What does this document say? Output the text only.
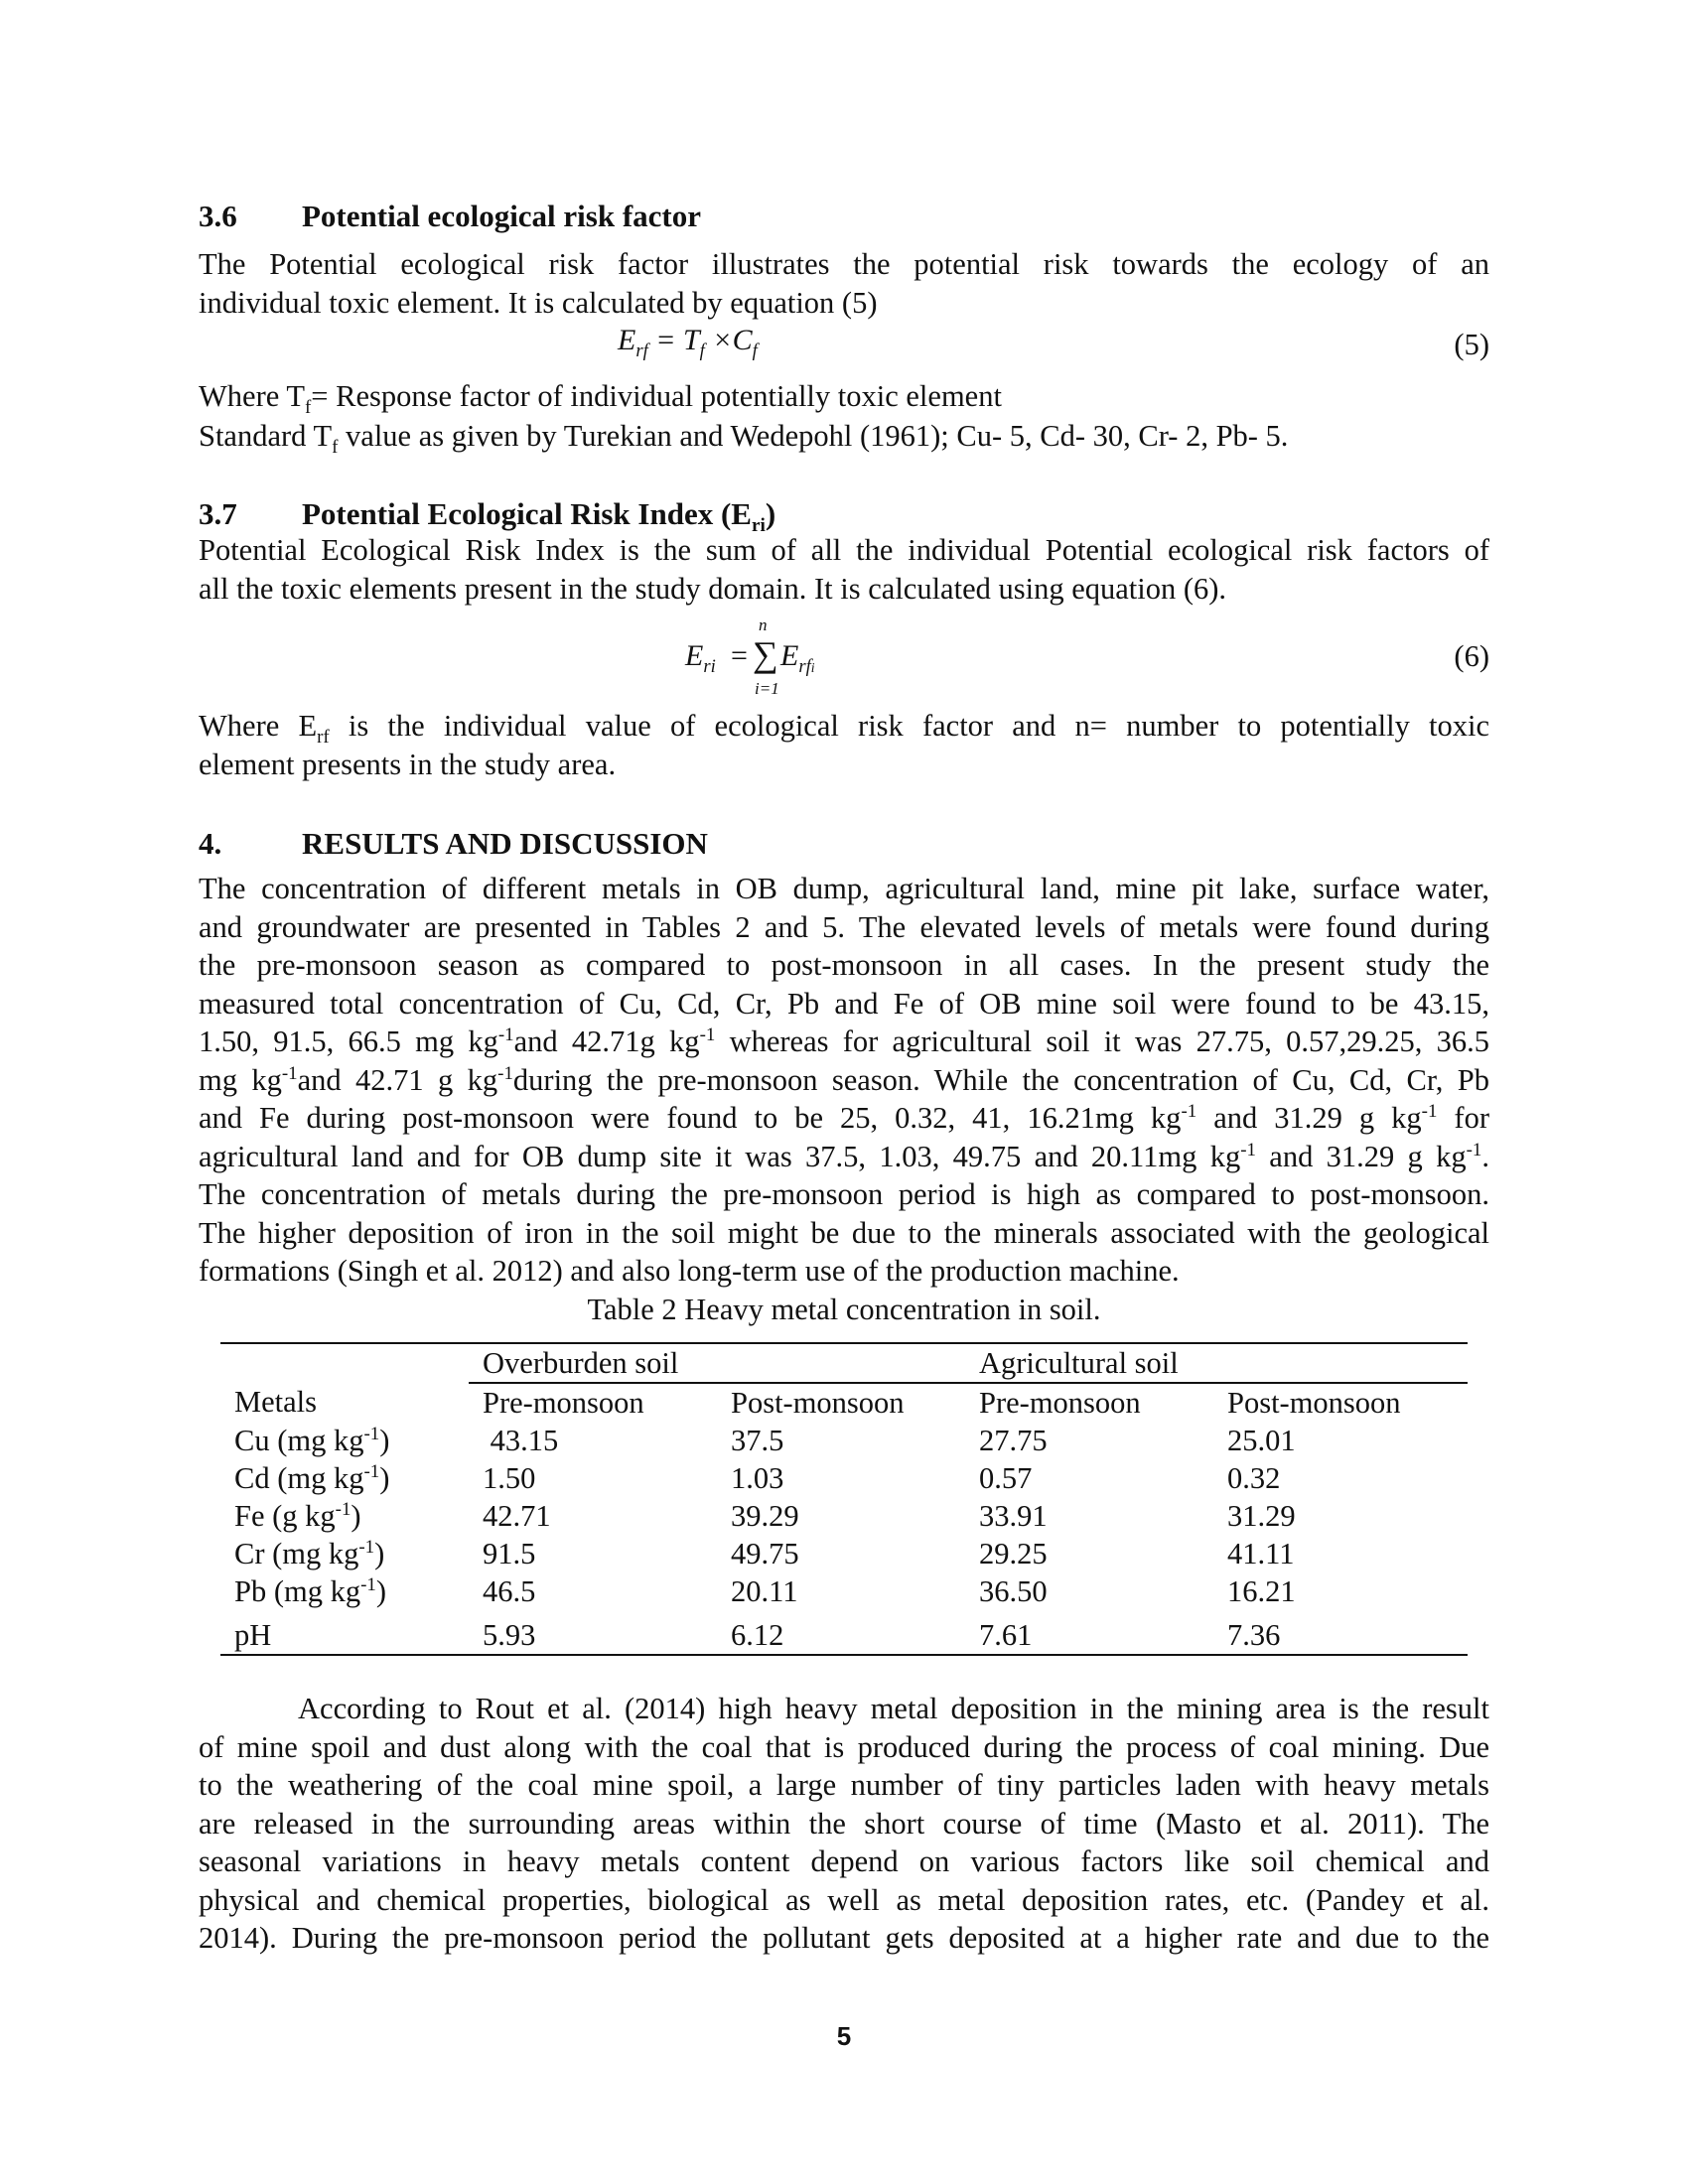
3.6 Potential ecological risk factor
The Potential ecological risk factor illustrates the potential risk towards the ecology of an
individual toxic element. It is calculated by equation (5)
$E_{rf} = T_f \times C_f$	(5)
Where $T_f=$ Response factor of individual potentially toxic element
Standard $T_f$ value as given by Turekian and Wedepohl (1961); Cu- 5, Cd- 30, Cr- 2, Pb- 5.
3.7 Potential Ecological Risk Index $(E_{ri})$
Potential Ecological Risk Index is the sum of all the individual Potential ecological risk factors of
all the toxic elements present in the study domain. It is calculated using equation (6).
n
$E_{ri}$ = ∑ $E_{rfi}$
i=1
(6)
Where $E_{rf}$ is the individual value of ecological risk factor and n= number to potentially toxic
element presents in the study area.
4.	RESULTS AND DISCUSSION
The concentration of different metals in OB dump, agricultural land, mine pit lake, surface water,
and groundwater are presented in Tables 2 and 5. The elevated levels of metals were found during
the pre-monsoon season as compared to post-monsoon in all cases. In the present study the
measured total concentration of Cu, Cd, Cr, Pb and Fe of OB mine soil were found to be 43.15,
1.50, 91.5, 66.5 mg $kg^{-1}and$ 42.71g $kg^{-1}$ whereas for agricultural soil it was 27.75, 0.57,29.25, 36.5
mg $kg^{-1}and$ 42.71 g $kg^{-1}during$ the pre-monsoon season. While the concentration of Cu, Cd, Cr, Pb
and Fe during post-monsoon were found to be 25, 0.32, 41, 16.21mg $kg^{-1}$ and 31.29 g $kg^{-1}$ for
agricultural land and for OB dump site it was 37.5, 1.03, 49.75 and 20.11mg $kg^{-1}$ and 31.29 g $kg^{-1}$.
The concentration of metals during the pre-monsoon period is high as compared to post-monsoon.
The higher deposition of iron in the soil might be due to the minerals associated with the geological
formations (Singh et al. 2012) and also long-term use of the production machine.
Table 2 Heavy metal concentration in soil.
	Overburden soil		Agricultural soil	
Metals	Pre-monsoon	Post-monsoon	Pre-monsoon	Post-monsoon
Cu (mg $kg^{-1}$)	43.15	37.5	27.75	25.01
Cd (mg $kg^{-1}$)	1.50	1.03	0.57	0.32
Fe (g $kg^{-1}$)	42.71	39.29	33.91	31.29
Cr (mg $kg^{-1}$)	91.5	49.75	29.25	41.11
Pb (mg $kg^{-1}$)	46.5	20.11	36.50	16.21
pH	5.93	6.12	7.61	7.36
According to Rout et al. (2014) high heavy metal deposition in the mining area is the result
of mine spoil and dust along with the coal that is produced during the process of coal mining. Due
to the weathering of the coal mine spoil, a large number of tiny particles laden with heavy metals
are released in the surrounding areas within the short course of time (Masto et al. 2011). The
seasonal variations in heavy metals content depend on various factors like soil chemical and
physical and chemical properties, biological as well as metal deposition rates, etc. (Pandey et al.
2014). During the pre-monsoon period the pollutant gets deposited at a higher rate and due to the
5
